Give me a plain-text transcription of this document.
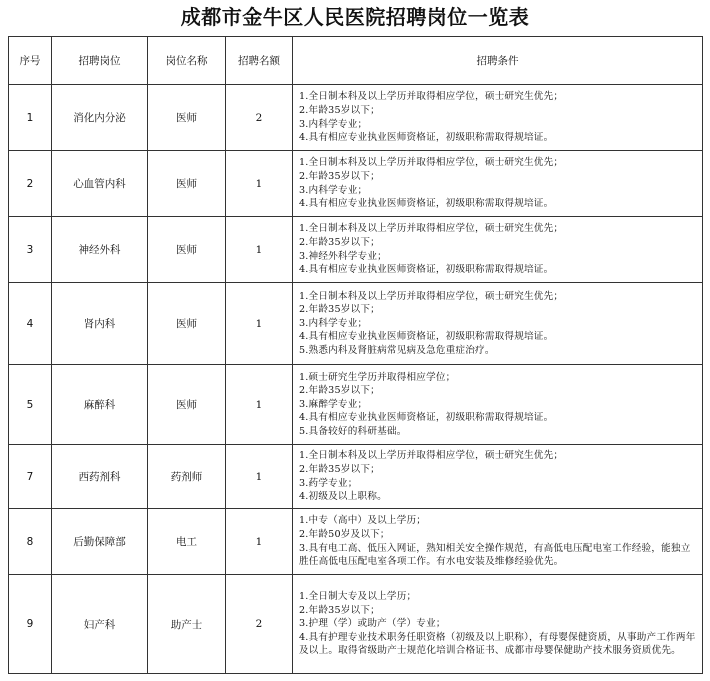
成都市金牛区人民医院招聘岗位一览表
序号	招聘岗位	岗位名称	招聘名额	招聘条件
1	消化内分泌	医师	2	1.全日制本科及以上学历并取得相应学位，硕士研究生优先；
2.年龄35岁以下；
3.内科学专业；
4.具有相应专业执业医师资格证，初级职称需取得规培证。

2	心血管内科	医师	1	1.全日制本科及以上学历并取得相应学位，硕士研究生优先；
2.年龄35岁以下；
3.内科学专业；
4.具有相应专业执业医师资格证，初级职称需取得规培证。

3	神经外科	医师	1	1.全日制本科及以上学历并取得相应学位，硕士研究生优先；
2.年龄35岁以下；
3.神经外科学专业；
4.具有相应专业执业医师资格证，初级职称需取得规培证。

4	肾内科	医师	1	1.全日制本科及以上学历并取得相应学位，硕士研究生优先；
2.年龄35岁以下；
3.内科学专业；
4.具有相应专业执业医师资格证，初级职称需取得规培证。
5.熟悉内科及肾脏病常见病及急危重症治疗。

5	麻醉科	医师	1	1.硕士研究生学历并取得相应学位；
2.年龄35岁以下；
3.麻醉学专业；
4.具有相应专业执业医师资格证，初级职称需取得规培证。
5.具备较好的科研基础。

7	西药剂科	药剂师	1	1.全日制本科及以上学历并取得相应学位，硕士研究生优先；
2.年龄35岁以下；
3.药学专业；
4.初级及以上职称。

8	后勤保障部	电工	1	1.中专（高中）及以上学历；
2.年龄50岁及以下；
3.具有电工高、低压入网证，熟知相关安全操作规范，有高低电压配电室工作经验，能独立胜任高低电压配电室各项工作。有水电安装及维修经验优先。

9	妇产科	助产士	2	1.全日制大专及以上学历；
2.年龄35岁以下；
3.护理（学）或助产（学）专业；
4.具有护理专业技术职务任职资格（初级及以上职称），有母婴保健资质，从事助产工作两年及以上。取得省级助产士规范化培训合格证书、成都市母婴保健助产技术服务资质优先。
